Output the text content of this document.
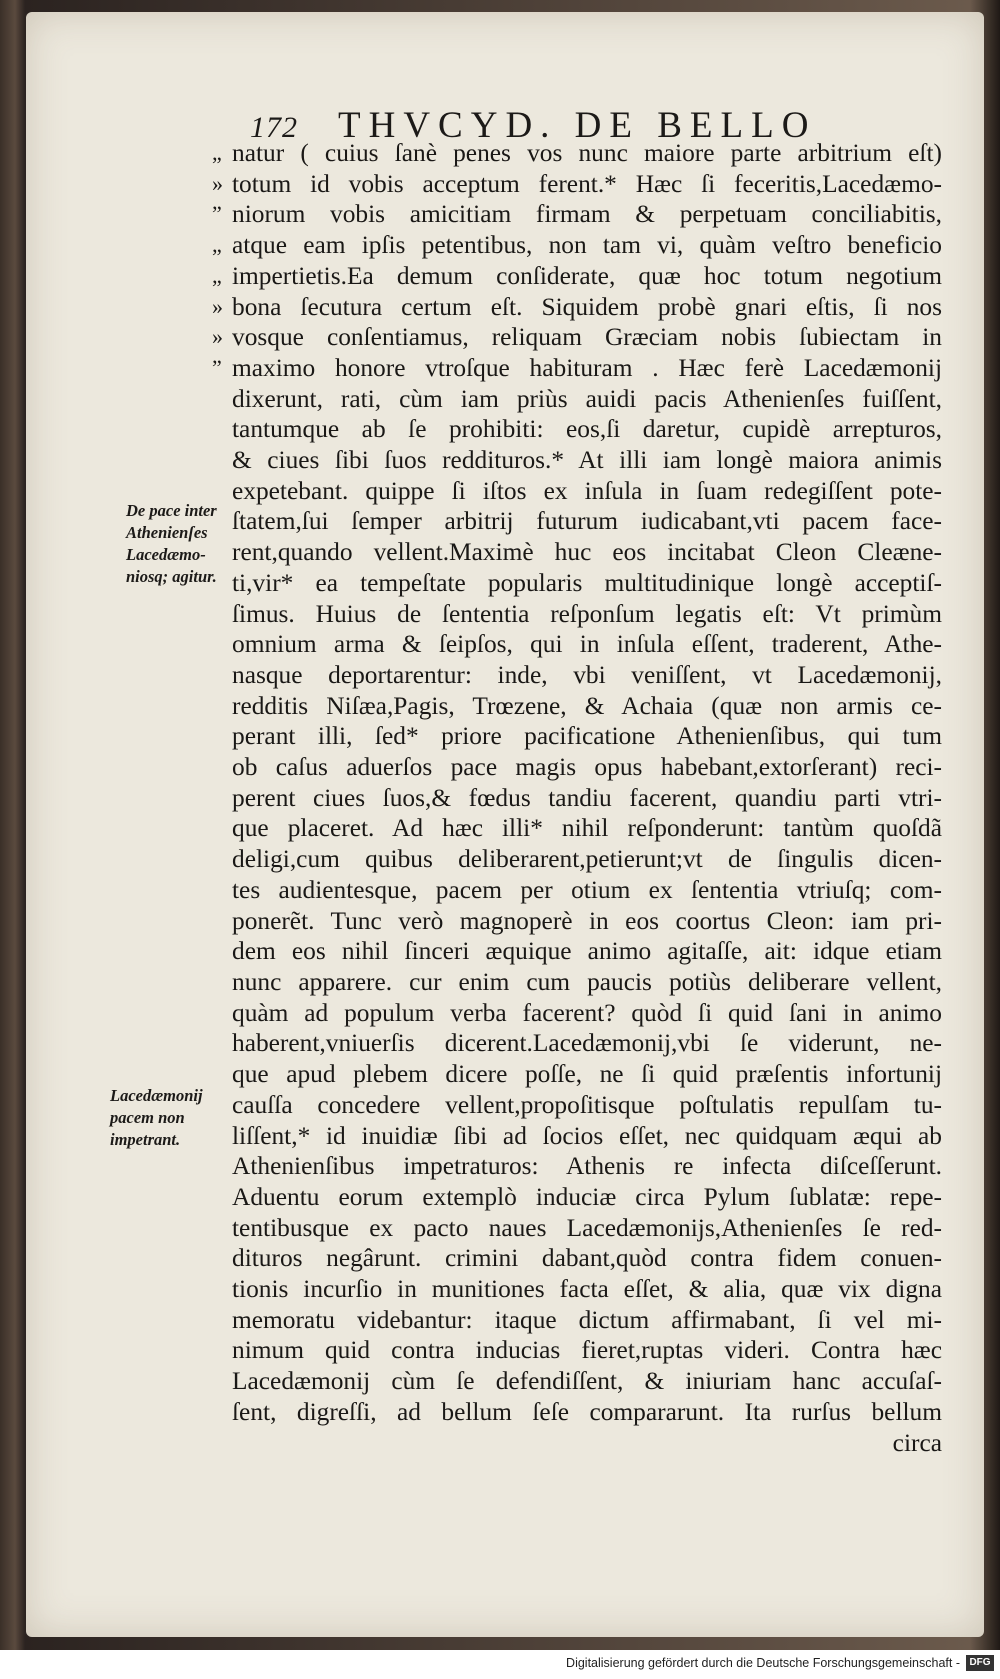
172 THVCYD. DE BELLO
De pace inter
Athenienſes
Lacedæmo-
niosq; agitur.
Lacedæmonij
pacem non
impetrant.
„ natur ( cuius ſanè penes vos nunc maiore parte arbitrium eſt)
» totum id vobis acceptum ferent.* Hæc ſi feceritis,Lacedæmo-
” niorum vobis amicitiam firmam & perpetuam conciliabitis,
„ atque eam ipſis petentibus, non tam vi, quàm veſtro beneficio
„ impertietis.Ea demum conſiderate, quæ hoc totum negotium
» bona ſecutura certum eſt. Siquidem probè gnari eſtis, ſi nos
» vosque conſentiamus, reliquam Græciam nobis ſubiectam in
” maximo honore vtroſque habituram . Hæc ferè Lacedæmonij
dixerunt, rati, cùm iam priùs auidi pacis Athenienſes fuiſſent,
tantumque ab ſe prohibiti: eos,ſi daretur, cupidè arrepturos,
& ciues ſibi ſuos reddituros.* At illi iam longè maiora animis
expetebant. quippe ſi iſtos ex inſula in ſuam redegiſſent pote-
ſtatem,ſui ſemper arbitrij futurum iudicabant,vti pacem face-
rent,quando vellent.Maximè huc eos incitabat Cleon Cleæne-
ti,vir* ea tempeſtate popularis multitudinique longè acceptiſ-
ſimus. Huius de ſententia reſponſum legatis eſt: Vt primùm
omnium arma & ſeipſos, qui in inſula eſſent, traderent, Athe-
nasque deportarentur: inde, vbi veniſſent, vt Lacedæmonij,
redditis Niſæa,Pagis, Trœzene, & Achaia (quæ non armis ce-
perant illi, ſed* priore pacificatione Athenienſibus, qui tum
ob caſus aduerſos pace magis opus habebant,extorſerant) reci-
perent ciues ſuos,& fœdus tandiu facerent, quandiu parti vtri-
que placeret. Ad hæc illi* nihil reſponderunt: tantùm quoſdã
deligi,cum quibus deliberarent,petierunt;vt de ſingulis dicen-
tes audientesque, pacem per otium ex ſententia vtriuſq; com-
ponerẽt. Tunc verò magnoperè in eos coortus Cleon: iam pri-
dem eos nihil ſinceri æquique animo agitaſſe, ait: idque etiam
nunc apparere. cur enim cum paucis potiùs deliberare vellent,
quàm ad populum verba facerent? quòd ſi quid ſani in animo
haberent,vniuerſis dicerent.Lacedæmonij,vbi ſe viderunt, ne-
que apud plebem dicere poſſe, ne ſi quid præſentis infortunij
cauſſa concedere vellent,propoſitisque poſtulatis repulſam tu-
liſſent,* id inuidiæ ſibi ad ſocios eſſet, nec quidquam æqui ab
Athenienſibus impetraturos: Athenis re infecta diſceſſerunt.
Aduentu eorum extemplò induciæ circa Pylum ſublatæ: repe-
tentibusque ex pacto naues Lacedæmonijs,Athenienſes ſe red-
dituros negârunt. crimini dabant,quòd contra fidem conuen-
tionis incurſio in munitiones facta eſſet, & alia, quæ vix digna
memoratu videbantur: itaque dictum affirmabant, ſi vel mi-
nimum quid contra inducias fieret,ruptas videri. Contra hæc
Lacedæmonij cùm ſe defendiſſent, & iniuriam hanc accuſaſ-
ſent, digreſſi, ad bellum ſeſe compararunt. Ita rurſus bellum
circa
Digitalisierung gefördert durch die Deutsche Forschungsgemeinschaft - DFG
